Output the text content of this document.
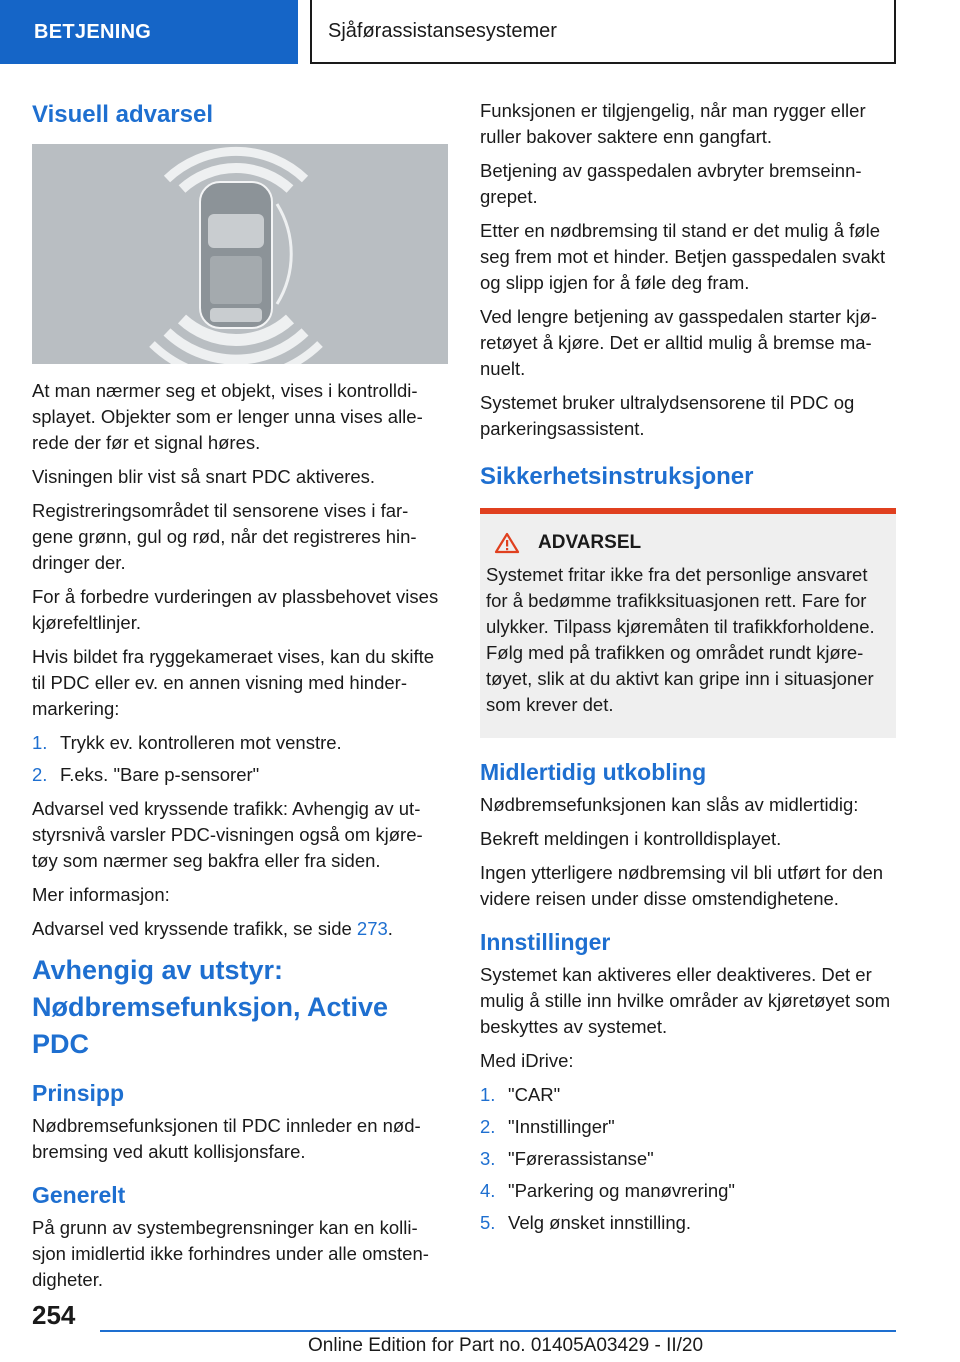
BETJENING	Sjåførassistansesystemer
Visuell advarsel

At man nærmer seg et objekt, vises i kontrolldi-splayet. Objekter som er lenger unna vises alle-rede der før et signal høres.

Visningen blir vist så snart PDC aktiveres.

Registreringsområdet til sensorene vises i far-gene grønn, gul og rød, når det registreres hin-dringer der.

For å forbedre vurderingen av plassbehovet vises kjørefeltlinjer.

Hvis bildet fra ryggekameraet vises, kan du skifte til PDC eller ev. en annen visning med hinder-markering:

1. Trykk ev. kontrolleren mot venstre.
2. F.eks. "Bare p-sensorer"

Advarsel ved kryssende trafikk: Avhengig av ut-styrsnivå varsler PDC-visningen også om kjøre-tøy som nærmer seg bakfra eller fra siden.

Mer informasjon:

Advarsel ved kryssende trafikk, se side 273.

Avhengig av utstyr:
Nødbremsefunksjon, Active PDC
Prinsipp

Nødbremsefunksjonen til PDC innleder en nød-bremsing ved akutt kollisjonsfare.

Generelt

På grunn av systembegrensninger kan en kolli-sjon imidlertid ikke forhindres under alle omsten-digheter.

Funksjonen er tilgjengelig, når man rygger eller ruller bakover saktere enn gangfart.

Betjening av gasspedalen avbryter bremseinn-grepet.

Etter en nødbremsing til stand er det mulig å føle seg frem mot et hinder. Betjen gasspedalen svakt og slipp igjen for å føle deg fram.

Ved lengre betjening av gasspedalen starter kjø-retøyet å kjøre. Det er alltid mulig å bremse ma-nuelt.

Systemet bruker ultralydsensorene til PDC og parkeringsassistent.

Sikkerhetsinstruksjoner
ADVARSEL

Systemet fritar ikke fra det personlige ansvaret for å bedømme trafikksituasjonen rett. Fare for ulykker. Tilpass kjøremåten til trafikkforholdene. Følg med på trafikken og området rundt kjøre-tøyet, slik at du aktivt kan gripe inn i situasjoner som krever det.

Midlertidig utkobling

Nødbremsefunksjonen kan slås av midlertidig:

Bekreft meldingen i kontrolldisplayet.

Ingen ytterligere nødbremsing vil bli utført for den videre reisen under disse omstendighetene.

Innstillinger

Systemet kan aktiveres eller deaktiveres. Det er mulig å stille inn hvilke områder av kjøretøyet som beskyttes av systemet.

Med iDrive:

1. "CAR"
2. "Innstillinger"
3. "Førerassistanse"
4. "Parkering og manøvrering"
5. Velg ønsket innstilling.
254
Online Edition for Part no. 01405A03429 - II/20
